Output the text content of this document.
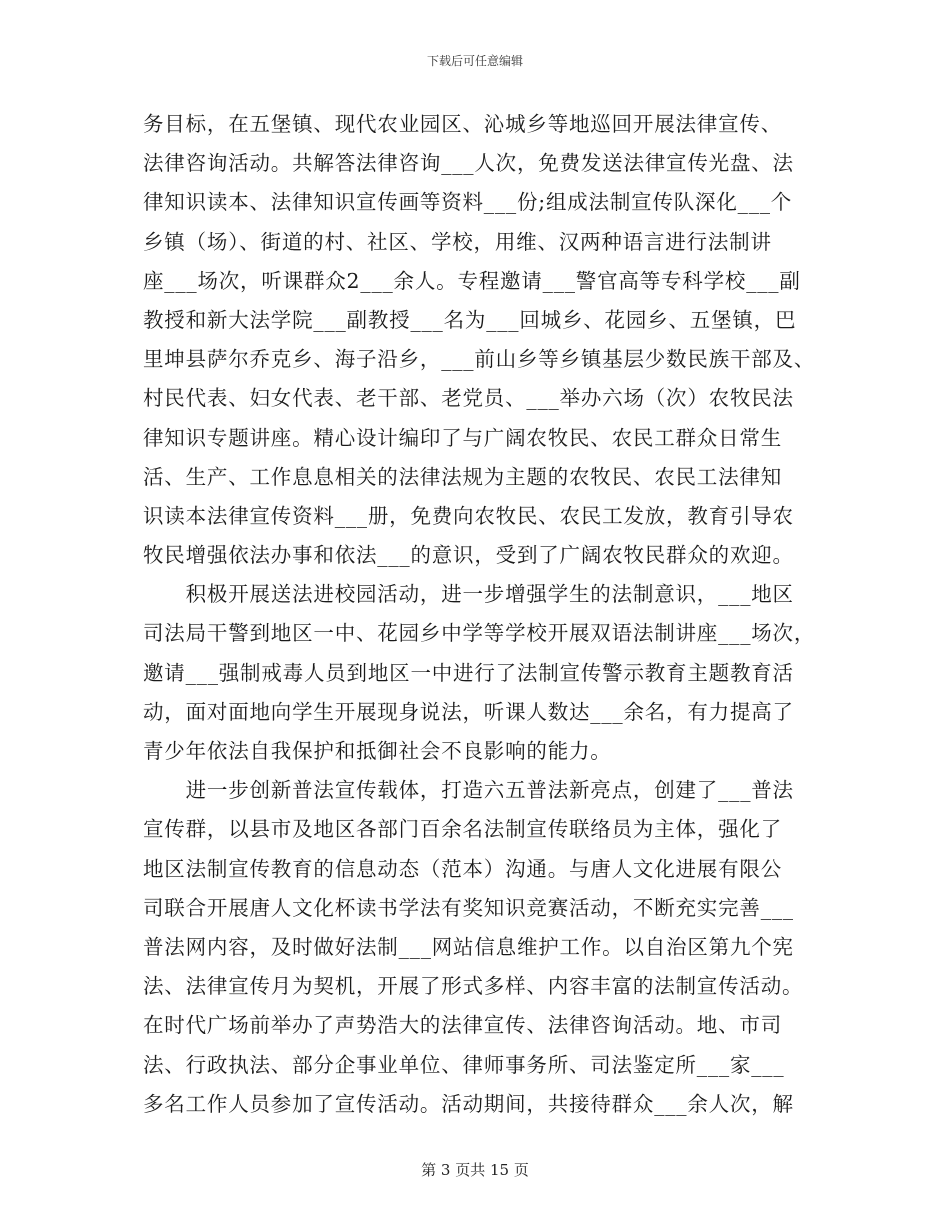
下载后可任意编辑
务目标，在五堡镇、现代农业园区、沁城乡等地巡回开展法律宣传、
法律咨询活动。共解答法律咨询___人次，免费发送法律宣传光盘、法
律知识读本、法律知识宣传画等资料___份;组成法制宣传队深化___个
乡镇（场）、街道的村、社区、学校，用维、汉两种语言进行法制讲
座___场次，听课群众2___余人。专程邀请___警官高等专科学校___副
教授和新大法学院___副教授___名为___回城乡、花园乡、五堡镇，巴
里坤县萨尔乔克乡、海子沿乡，___前山乡等乡镇基层少数民族干部及、
村民代表、妇女代表、老干部、老党员、___举办六场（次）农牧民法
律知识专题讲座。精心设计编印了与广阔农牧民、农民工群众日常生
活、生产、工作息息相关的法律法规为主题的农牧民、农民工法律知
识读本法律宣传资料___册，免费向农牧民、农民工发放，教育引导农
牧民增强依法办事和依法___的意识，受到了广阔农牧民群众的欢迎。
　　积极开展送法进校园活动，进一步增强学生的法制意识，___地区
司法局干警到地区一中、花园乡中学等学校开展双语法制讲座___场次，
邀请___强制戒毒人员到地区一中进行了法制宣传警示教育主题教育活
动，面对面地向学生开展现身说法，听课人数达___余名，有力提高了
青少年依法自我保护和抵御社会不良影响的能力。
　　进一步创新普法宣传载体，打造六五普法新亮点，创建了___普法
宣传群，以县市及地区各部门百余名法制宣传联络员为主体，强化了
地区法制宣传教育的信息动态（范本）沟通。与唐人文化进展有限公
司联合开展唐人文化杯读书学法有奖知识竞赛活动，不断充实完善___
普法网内容，及时做好法制___网站信息维护工作。以自治区第九个宪
法、法律宣传月为契机，开展了形式多样、内容丰富的法制宣传活动。
在时代广场前举办了声势浩大的法律宣传、法律咨询活动。地、市司
法、行政执法、部分企事业单位、律师事务所、司法鉴定所___家___
多名工作人员参加了宣传活动。活动期间，共接待群众___余人次，解
第 3 页共 15 页
